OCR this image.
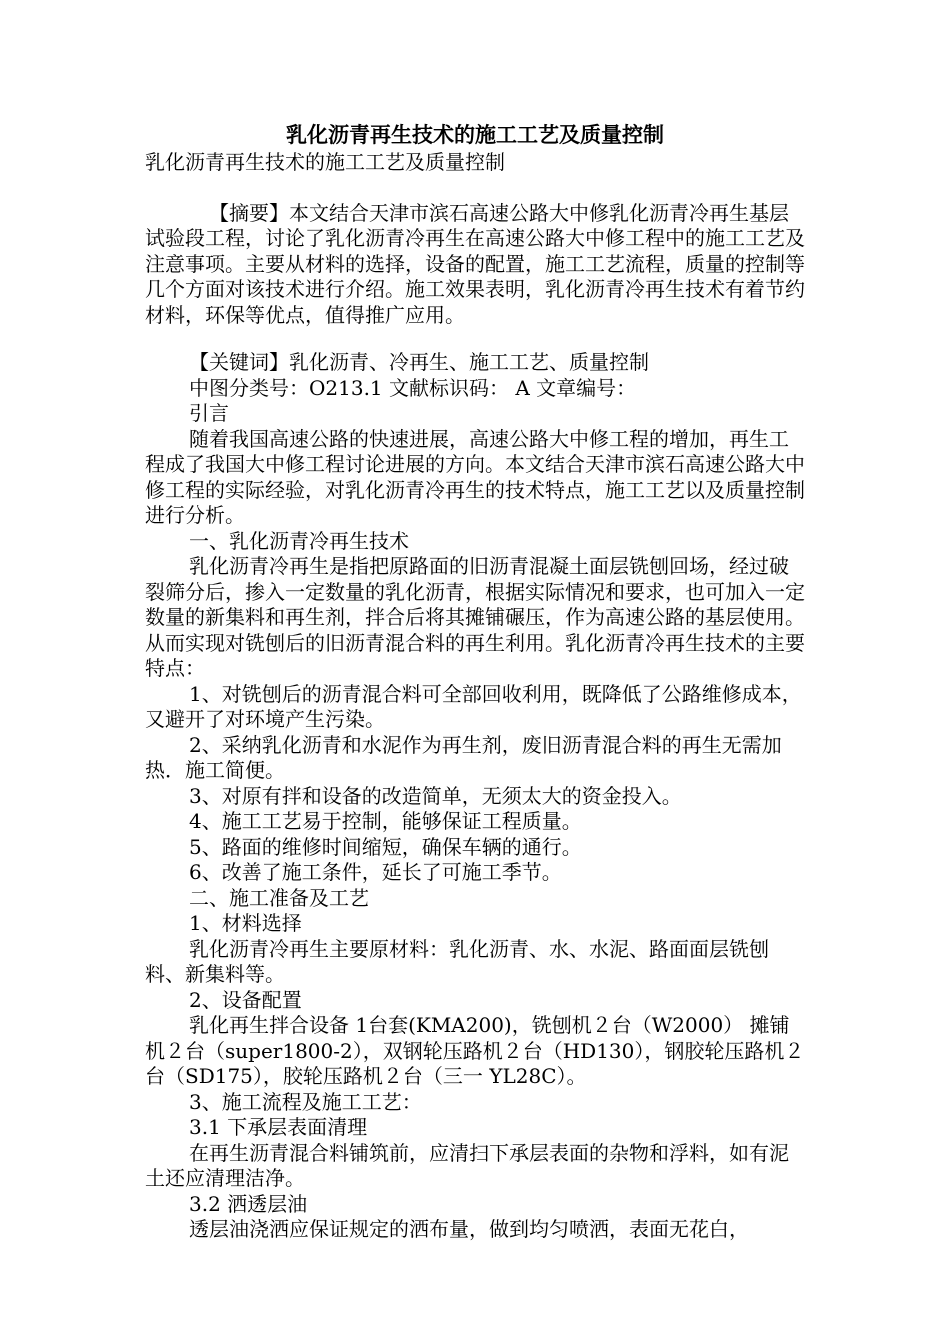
乳化沥青再生技术的施工工艺及质量控制

乳化沥青再生技术的施工工艺及质量控制

【摘要】本文结合天津市滨石高速公路大中修乳化沥青冷再生基层试验段工程，讨论了乳化沥青冷再生在高速公路大中修工程中的施工工艺及注意事项。主要从材料的选择，设备的配置，施工工艺流程，质量的控制等几个方面对该技术进行介绍。施工效果表明，乳化沥青冷再生技术有着节约材料，环保等优点，值得推广应用。

【关键词】乳化沥青、冷再生、施工工艺、质量控制

中图分类号：O213.1 文献标识码： A 文章编号：

引言

随着我国高速公路的快速进展，高速公路大中修工程的增加，再生工程成了我国大中修工程讨论进展的方向。本文结合天津市滨石高速公路大中修工程的实际经验，对乳化沥青冷再生的技术特点，施工工艺以及质量控制进行分析。

一、乳化沥青冷再生技术

乳化沥青冷再生是指把原路面的旧沥青混凝土面层铣刨回场，经过破裂筛分后，掺入一定数量的乳化沥青，根据实际情况和要求，也可加入一定数量的新集料和再生剂，拌合后将其摊铺碾压，作为高速公路的基层使用。从而实现对铣刨后的旧沥青混合料的再生利用。乳化沥青冷再生技术的主要特点：

1、对铣刨后的沥青混合料可全部回收利用，既降低了公路维修成本，又避开了对环境产生污染。

2、采纳乳化沥青和水泥作为再生剂，废旧沥青混合料的再生无需加热．施工简便。

3、对原有拌和设备的改造简单，无须太大的资金投入。

4、施工工艺易于控制，能够保证工程质量。

5、路面的维修时间缩短，确保车辆的通行。

6、改善了施工条件，延长了可施工季节。

二、施工准备及工艺

1、材料选择

乳化沥青冷再生主要原材料：乳化沥青、水、水泥、路面面层铣刨料、新集料等。

2、设备配置

乳化再生拌合设备 1台套(KMA200)，铣刨机２台（W2000） 摊铺机２台（super1800-2），双钢轮压路机２台（HD130），钢胶轮压路机２台（SD175），胶轮压路机２台（三一 YL28C）。

3、施工流程及施工工艺：

3.1 下承层表面清理

在再生沥青混合料铺筑前，应清扫下承层表面的杂物和浮料，如有泥土还应清理洁净。

3.2 洒透层油

透层油浇洒应保证规定的洒布量，做到均匀喷洒，表面无花白，
